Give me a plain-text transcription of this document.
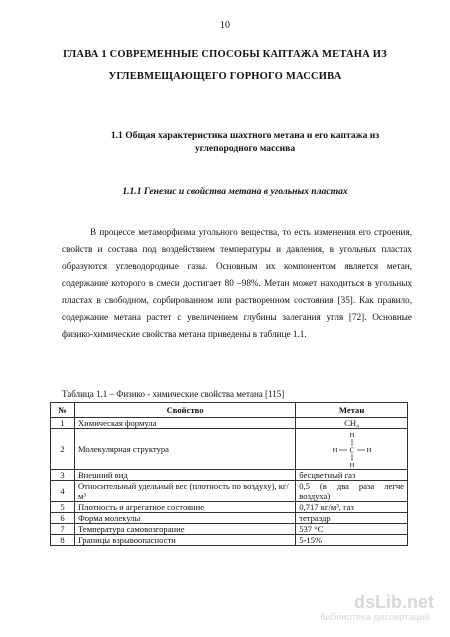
10
ГЛАВА 1 СОВРЕМЕННЫЕ СПОСОБЫ КАПТАЖА МЕТАНА ИЗ
УГЛЕВМЕЩАЮЩЕГО ГОРНОГО МАССИВА
1.1 Общая характеристика шахтного метана и его каптажа из
углепородного массива
1.1.1 Генезис и свойства метана в угольных пластах

В процессе метаморфизма угольного вещества, то есть изменения его строения, свойств и состава под воздействием температуры и давления, в угольных пластах образуются углеводородные газы. Основным их компонентом является метан, содержание которого в смеси достигает 80 –98%. Метан может находиться в угольных пластах в свободном, сорбированном или растворенном состояния [35]. Как правило, содержание метана растет с увеличением глубины залегания угля [72]. Основные физико-химические свойства метана приведены в таблице 1.1.

Таблица 1.1 – Физико - химические свойства метана [115]
№	Свойство	Метан
1	Химическая формула	CH₄
2	Молекулярная структура	H
H C H
H

3	Внешний вид	бесцветный газ
4	Относительный удельный вес (плотность по воздуху), кг/м³	0,5 (в два раза легче воздуха)
5	Плотность и агрегатное состояние	0,717 кг/м³, газ
6	Форма молекулы	тетраэдр
7	Температура самовозгорание	537 °C
8	Границы взрывоопасности	5-15%
dsLib.net
библиотека диссертаций
